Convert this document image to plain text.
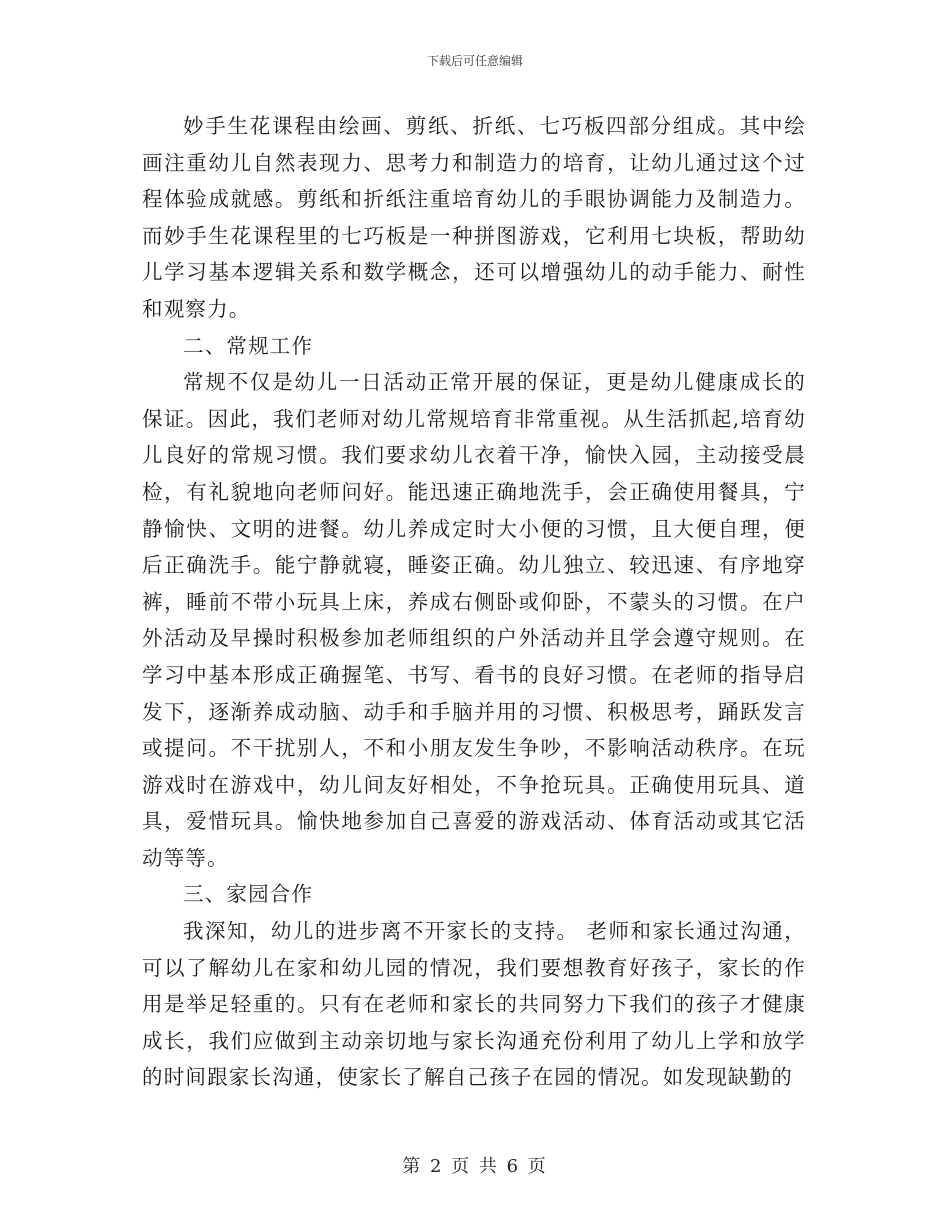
下载后可任意编辑

妙手生花课程由绘画、剪纸、折纸、七巧板四部分组成。其中绘画注重幼儿自然表现力、思考力和制造力的培育，让幼儿通过这个过程体验成就感。剪纸和折纸注重培育幼儿的手眼协调能力及制造力。而妙手生花课程里的七巧板是一种拼图游戏，它利用七块板，帮助幼儿学习基本逻辑关系和数学概念，还可以增强幼儿的动手能力、耐性和观察力。

二、常规工作

常规不仅是幼儿一日活动正常开展的保证，更是幼儿健康成长的保证。因此，我们老师对幼儿常规培育非常重视。从生活抓起,培育幼儿良好的常规习惯。我们要求幼儿衣着干净，愉快入园，主动接受晨检，有礼貌地向老师问好。能迅速正确地洗手，会正确使用餐具，宁静愉快、文明的进餐。幼儿养成定时大小便的习惯，且大便自理，便后正确洗手。能宁静就寝，睡姿正确。幼儿独立、较迅速、有序地穿裤，睡前不带小玩具上床，养成右侧卧或仰卧，不蒙头的习惯。在户外活动及早操时积极参加老师组织的户外活动并且学会遵守规则。在学习中基本形成正确握笔、书写、看书的良好习惯。在老师的指导启发下，逐渐养成动脑、动手和手脑并用的习惯、积极思考，踊跃发言或提问。不干扰别人，不和小朋友发生争吵，不影响活动秩序。在玩游戏时在游戏中，幼儿间友好相处，不争抢玩具。正确使用玩具、道具，爱惜玩具。愉快地参加自己喜爱的游戏活动、体育活动或其它活动等等。

三、家园合作

我深知，幼儿的进步离不开家长的支持。 老师和家长通过沟通，可以了解幼儿在家和幼儿园的情况，我们要想教育好孩子，家长的作用是举足轻重的。只有在老师和家长的共同努力下我们的孩子才健康成长，我们应做到主动亲切地与家长沟通充份利用了幼儿上学和放学的时间跟家长沟通，使家长了解自己孩子在园的情况。如发现缺勤的

第 2 页 共 6 页
